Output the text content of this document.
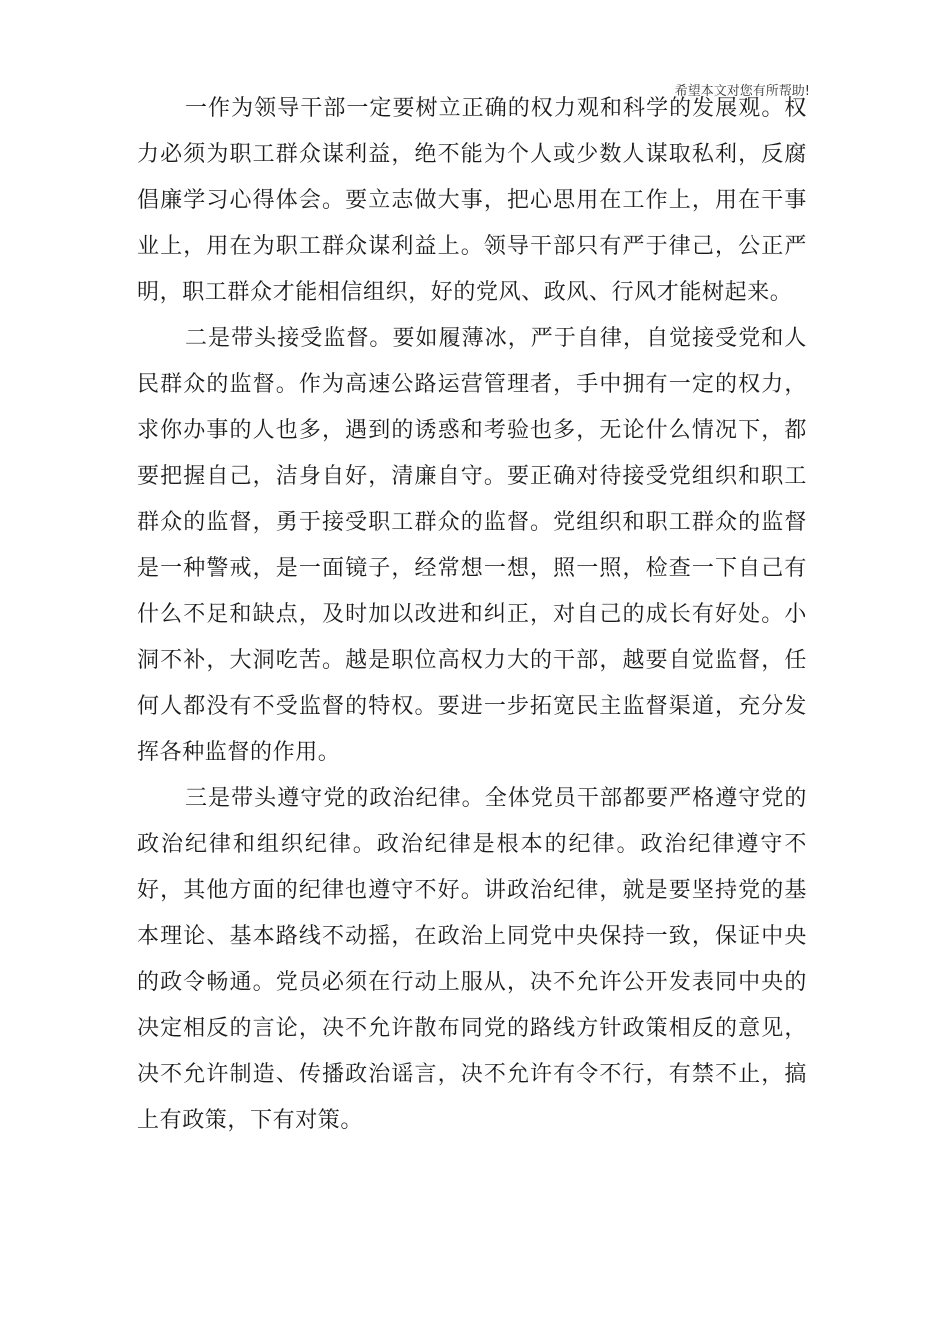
希望本文对您有所帮助!

一作为领导干部一定要树立正确的权力观和科学的发展观。权力必须为职工群众谋利益，绝不能为个人或少数人谋取私利，反腐倡廉学习心得体会。要立志做大事，把心思用在工作上，用在干事业上，用在为职工群众谋利益上。领导干部只有严于律己，公正严明，职工群众才能相信组织，好的党风、政风、行风才能树起来。

二是带头接受监督。要如履薄冰，严于自律，自觉接受党和人民群众的监督。作为高速公路运营管理者，手中拥有一定的权力，求你办事的人也多，遇到的诱惑和考验也多，无论什么情况下，都要把握自己，洁身自好，清廉自守。要正确对待接受党组织和职工群众的监督，勇于接受职工群众的监督。党组织和职工群众的监督是一种警戒，是一面镜子，经常想一想，照一照，检查一下自己有什么不足和缺点，及时加以改进和纠正，对自己的成长有好处。小洞不补，大洞吃苦。越是职位高权力大的干部，越要自觉监督，任何人都没有不受监督的特权。要进一步拓宽民主监督渠道，充分发挥各种监督的作用。

三是带头遵守党的政治纪律。全体党员干部都要严格遵守党的政治纪律和组织纪律。政治纪律是根本的纪律。政治纪律遵守不好，其他方面的纪律也遵守不好。讲政治纪律，就是要坚持党的基本理论、基本路线不动摇，在政治上同党中央保持一致，保证中央的政令畅通。党员必须在行动上服从，决不允许公开发表同中央的决定相反的言论，决不允许散布同党的路线方针政策相反的意见，决不允许制造、传播政治谣言，决不允许有令不行，有禁不止，搞上有政策，下有对策。
